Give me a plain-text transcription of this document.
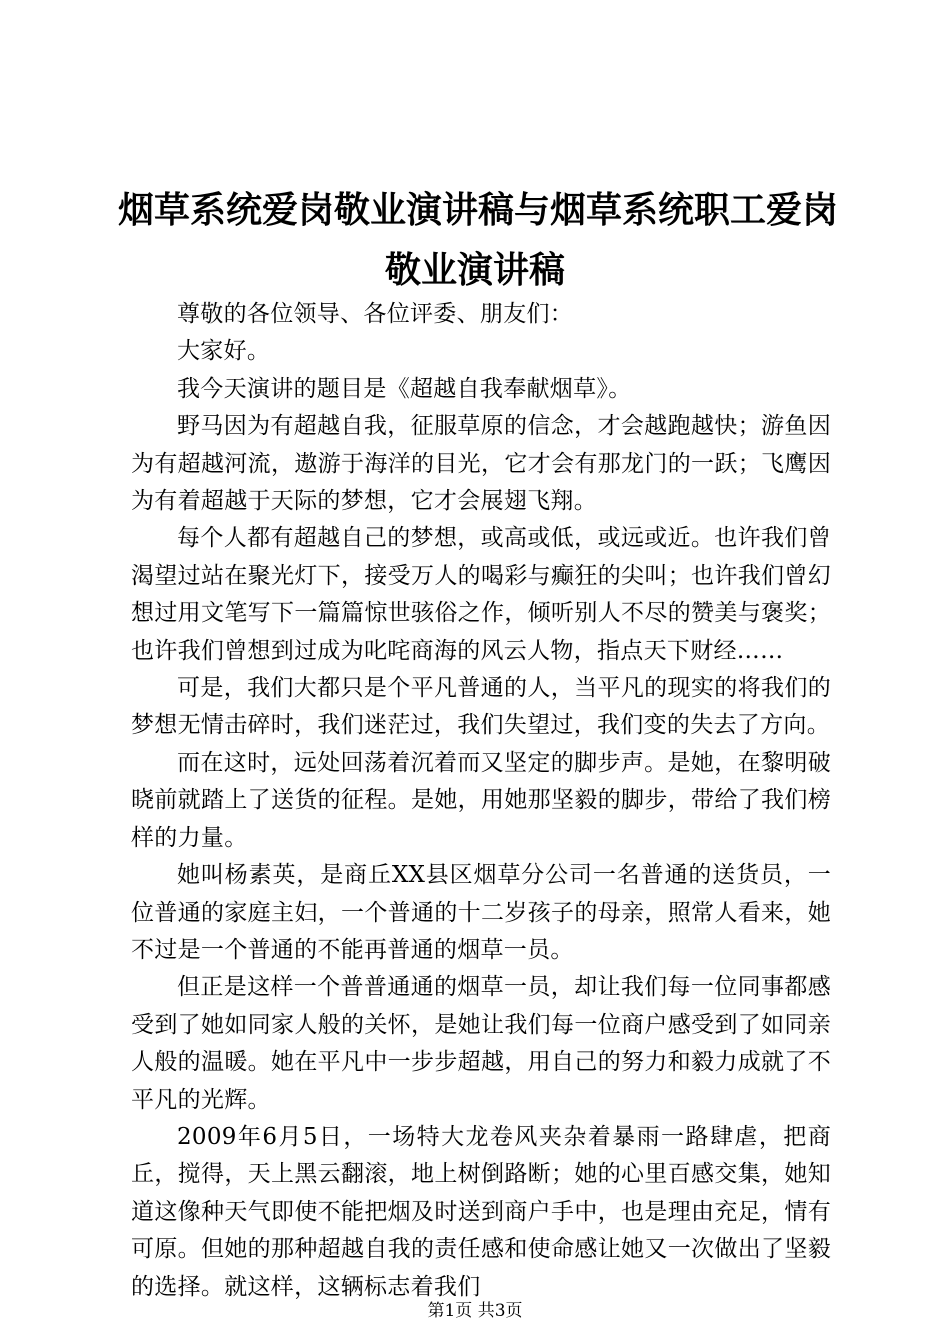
烟草系统爱岗敬业演讲稿与烟草系统职工爱岗
敬业演讲稿

尊敬的各位领导、各位评委、朋友们：

大家好。

我今天演讲的题目是《超越自我奉献烟草》。

野马因为有超越自我，征服草原的信念，才会越跑越快；游鱼因为有超越河流，遨游于海洋的目光，它才会有那龙门的一跃；飞鹰因为有着超越于天际的梦想，它才会展翅飞翔。

每个人都有超越自己的梦想，或高或低，或远或近。也许我们曾渴望过站在聚光灯下，接受万人的喝彩与癫狂的尖叫；也许我们曾幻想过用文笔写下一篇篇惊世骇俗之作，倾听别人不尽的赞美与褒奖；也许我们曾想到过成为叱咤商海的风云人物，指点天下财经……

可是，我们大都只是个平凡普通的人，当平凡的现实的将我们的梦想无情击碎时，我们迷茫过，我们失望过，我们变的失去了方向。

而在这时，远处回荡着沉着而又坚定的脚步声。是她，在黎明破晓前就踏上了送货的征程。是她，用她那坚毅的脚步，带给了我们榜样的力量。

她叫杨素英，是商丘XX县区烟草分公司一名普通的送货员，一位普通的家庭主妇，一个普通的十二岁孩子的母亲，照常人看来，她不过是一个普通的不能再普通的烟草一员。

但正是这样一个普普通通的烟草一员，却让我们每一位同事都感受到了她如同家人般的关怀，是她让我们每一位商户感受到了如同亲人般的温暖。她在平凡中一步步超越，用自己的努力和毅力成就了不平凡的光辉。

2009年6月5日，一场特大龙卷风夹杂着暴雨一路肆虐，把商丘，搅得，天上黑云翻滚，地上树倒路断；她的心里百感交集，她知道这像种天气即使不能把烟及时送到商户手中，也是理由充足，情有可原。但她的那种超越自我的责任感和使命感让她又一次做出了坚毅的选择。就这样，这辆标志着我们

第1页 共3页
